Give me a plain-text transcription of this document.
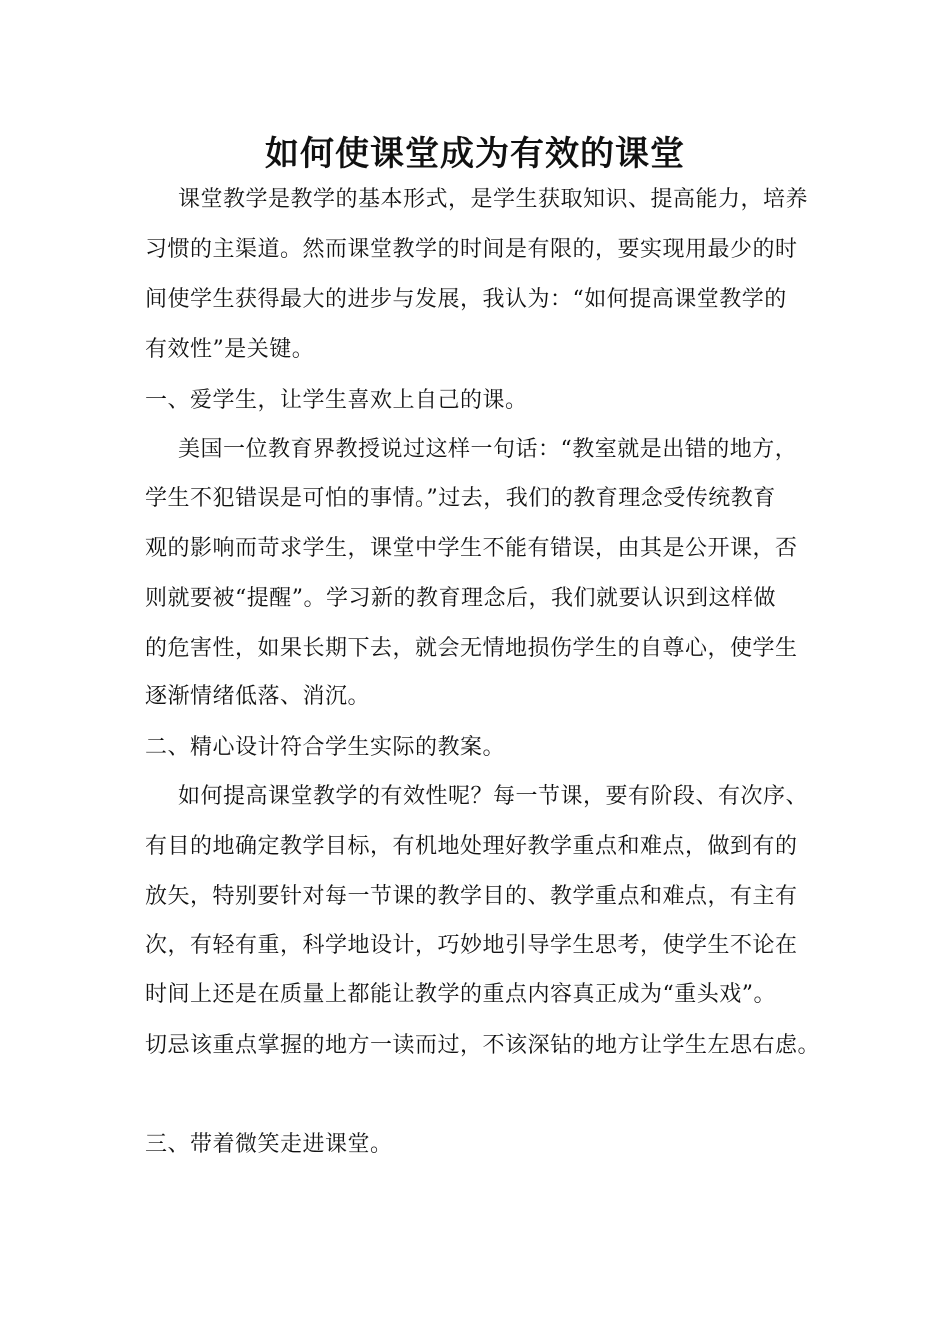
如何使课堂成为有效的课堂
课堂教学是教学的基本形式，是学生获取知识、提高能力，培养
习惯的主渠道。然而课堂教学的时间是有限的，要实现用最少的时
间使学生获得最大的进步与发展，我认为：“如何提高课堂教学的
有效性”是关键。
一、爱学生，让学生喜欢上自己的课。
美国一位教育界教授说过这样一句话：“教室就是出错的地方，
学生不犯错误是可怕的事情。”过去，我们的教育理念受传统教育
观的影响而苛求学生，课堂中学生不能有错误，由其是公开课，否
则就要被“提醒”。学习新的教育理念后，我们就要认识到这样做
的危害性，如果长期下去，就会无情地损伤学生的自尊心，使学生
逐渐情绪低落、消沉。
二、精心设计符合学生实际的教案。
如何提高课堂教学的有效性呢？每一节课，要有阶段、有次序、
有目的地确定教学目标，有机地处理好教学重点和难点，做到有的
放矢，特别要针对每一节课的教学目的、教学重点和难点，有主有
次，有轻有重，科学地设计，巧妙地引导学生思考，使学生不论在
时间上还是在质量上都能让教学的重点内容真正成为“重头戏”。
切忌该重点掌握的地方一读而过，不该深钻的地方让学生左思右虑。
三、带着微笑走进课堂。
